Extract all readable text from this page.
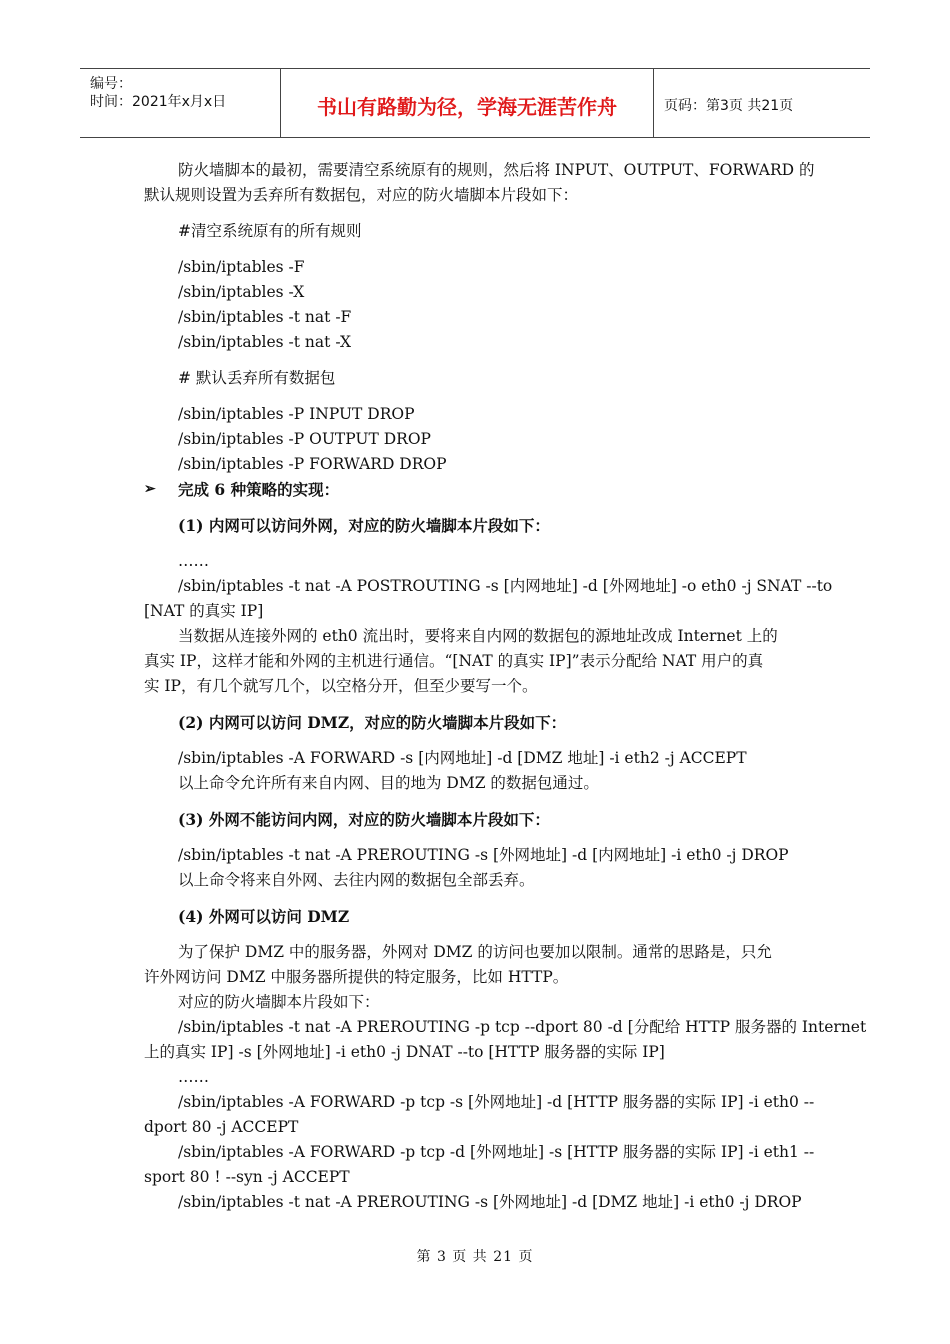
编号：
时间：2021年x月x日	书山有路勤为径，学海无涯苦作舟	页码：第3页 共21页
防火墙脚本的最初，需要清空系统原有的规则，然后将 INPUT、OUTPUT、FORWARD 的
默认规则设置为丢弃所有数据包，对应的防火墙脚本片段如下：
#清空系统原有的所有规则
/sbin/iptables -F
/sbin/iptables -X
/sbin/iptables -t nat -F
/sbin/iptables -t nat -X
# 默认丢弃所有数据包
/sbin/iptables -P INPUT DROP
/sbin/iptables -P OUTPUT DROP
/sbin/iptables -P FORWARD DROP
➢ 完成 6 种策略的实现：
(1) 内网可以访问外网，对应的防火墙脚本片段如下：
……
/sbin/iptables -t nat -A POSTROUTING -s [内网地址] -d [外网地址] -o eth0 -j SNAT --to
[NAT 的真实 IP]
当数据从连接外网的 eth0 流出时，要将来自内网的数据包的源地址改成 Internet 上的
真实 IP，这样才能和外网的主机进行通信。“[NAT 的真实 IP]”表示分配给 NAT 用户的真
实 IP，有几个就写几个，以空格分开，但至少要写一个。
(2) 内网可以访问 DMZ，对应的防火墙脚本片段如下：
/sbin/iptables -A FORWARD -s [内网地址] -d [DMZ 地址] -i eth2 -j ACCEPT
以上命令允许所有来自内网、目的地为 DMZ 的数据包通过。
(3) 外网不能访问内网，对应的防火墙脚本片段如下：
/sbin/iptables -t nat -A PREROUTING -s [外网地址] -d [内网地址] -i eth0 -j DROP
以上命令将来自外网、去往内网的数据包全部丢弃。
(4) 外网可以访问 DMZ
为了保护 DMZ 中的服务器，外网对 DMZ 的访问也要加以限制。通常的思路是，只允
许外网访问 DMZ 中服务器所提供的特定服务，比如 HTTP。
对应的防火墙脚本片段如下：
/sbin/iptables -t nat -A PREROUTING -p tcp --dport 80 -d [分配给 HTTP 服务器的 Internet
上的真实 IP] -s [外网地址] -i eth0 -j DNAT --to [HTTP 服务器的实际 IP]
……
/sbin/iptables -A FORWARD -p tcp -s [外网地址] -d [HTTP 服务器的实际 IP] -i eth0 --
dport 80 -j ACCEPT
/sbin/iptables -A FORWARD -p tcp -d [外网地址] -s [HTTP 服务器的实际 IP] -i eth1 --
sport 80 ! --syn -j ACCEPT
/sbin/iptables -t nat -A PREROUTING -s [外网地址] -d [DMZ 地址] -i eth0 -j DROP
第 3 页 共 21 页
